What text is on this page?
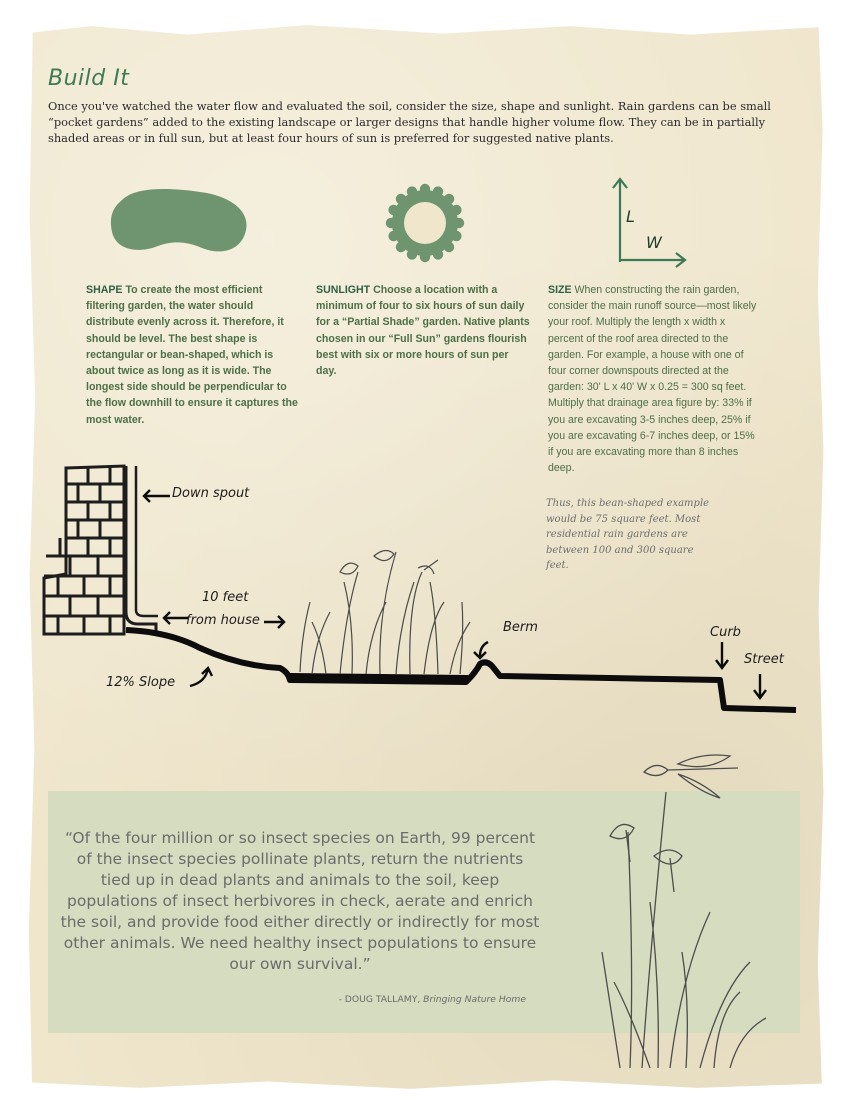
Build It
Once you've watched the water flow and evaluated the soil, consider the size, shape and sunlight. Rain gardens can be small “pocket gardens” added to the existing landscape or larger designs that handle higher volume flow. They can be in partially shaded areas or in full sun, but at least four hours of sun is preferred for suggested native plants.
L
W
SHAPE To create the most efficient filtering garden, the water should distribute evenly across it. Therefore, it should be level. The best shape is rectangular or bean-shaped, which is about twice as long as it is wide. The longest side should be perpendicular to the flow downhill to ensure it captures the most water.
SUNLIGHT Choose a location with a minimum of four to six hours of sun daily for a “Partial Shade” garden. Native plants chosen in our “Full Sun” gardens flourish best with six or more hours of sun per day.
SIZE When constructing the rain garden, consider the main runoff source—most likely your roof. Multiply the length x width x percent of the roof area directed to the garden. For example, a house with one of four corner downspouts directed at the garden: 30' L x 40' W x 0.25 = 300 sq feet. Multiply that drainage area figure by: 33% if you are excavating 3-5 inches deep, 25% if you are excavating 6-7 inches deep, or 15% if you are excavating more than 8 inches deep.
Thus, this bean-shaped example would be 75 square feet. Most residential rain gardens are between 100 and 300 square feet.
Down spout
10 feet
from house
12% Slope
Berm	Curb
Street
“Of the four million or so insect species on Earth, 99 percent of the insect species pollinate plants, return the nutrients tied up in dead plants and animals to the soil, keep populations of insect herbivores in check, aerate and enrich the soil, and provide food either directly or indirectly for most other animals. We need healthy insect populations to ensure our own survival.”
- DOUG TALLAMY, Bringing Nature Home
